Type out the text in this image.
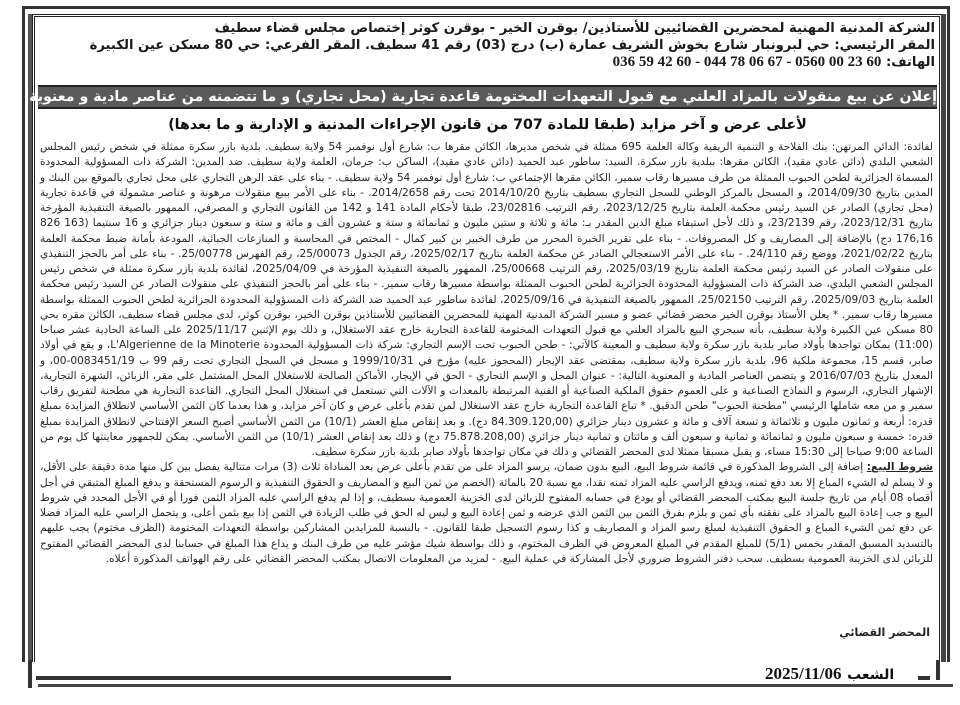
الشركة المدنية المهنية لمحضرين القضائيين للأستاذين/ بوقرن الخير - بوقرن كوثر إختصاص مجلس قضاء سطيف
المقر الرئيسي: حي لبرونبار شارع بخوش الشريف عمارة (ب) درج (03) رقم 41 سطيف. المقر الفرعي: حي 80 مسكن عين الكبيرة
الهاتف: 036 59 42 60 - 044 78 06 67 - 0560 00 23 60
إعلان عن بيع منقولات بالمزاد العلني مع قبول التعهدات المختومة قاعدة تجارية (محل تجاري) و ما تتضمنه من عناصر مادية و معنوية
لأعلى عرض و آخر مزايد (طبقا للمادة 707 من قانون الإجراءات المدنية و الإدارية و ما بعدها)

لفائدة: الدائن المرتهن: بنك الفلاحة و التنمية الريفية وكالة العلمة 695 ممثلة في شخص مديرها، الكائن مقرها ب: شارع أول نوفمبر 54 ولاية سطيف. بلدية بازر سكرة ممثلة في شخص رئيس المجلس الشعبي البلدي (دائن عادي مقيد)، الكائن مقرها: ببلدية بازر سكرة. السيد: ساطور عبد الحميد (دائن عادي مقيد)، الساكن ب: جرمان، العلمة ولاية سطيف. ضد المدين: الشركة ذات المسؤولية المحدودة المسماة الجزائرية لطحن الحبوب الممثلة من طرف مسيرها رقاب سمير، الكائن مقرها الإجتماعي ب: شارع أول نوفمبر 54 ولاية سطيف. - بناء على عقد الرهن التجاري على محل تجاري بالموقع بين البنك و المدين بتاريخ 2014/09/30، و المسجل بالمركز الوطني للسجل التجاري بسطيف بتاريخ 2014/10/20 تحت رقم 2014/2658. - بناء على الأمر ببيع منقولات مرهونة و عناصر مشمولة في قاعدة تجارية (محل تجاري) الصادر عن السيد رئيس محكمة العلمة بتاريخ 2023/12/25، رقم الترتيب 23/02816، طبقا لأحكام المادة 141 و 142 من القانون التجاري و المصرفي، الممهور بالصيغة التنفيذية المؤرخة بتاريخ 2023/12/31، رقم 23/2139، و ذلك لأجل استيفاء مبلغ الدين المقدر بـ: مائة و ثلاثة و ستين مليون و ثمانمائة و ستة و عشرون ألف و مائة و ستة و سبعون دينار جزائري و 16 سنتيما (163 826 176,16 دج) بالإضافة إلى المصاريف و كل المصروفات. - بناء على تقرير الخبرة المحرر من طرف الخبير بن كبير كمال - المختص في المحاسبة و المنازعات الجبائية، المودعة بأمانة ضبط محكمة العلمة بتاريخ 2021/02/22، ووضع رقم 24/110. - بناء على الأمر الاستعجالي الصادر عن محكمة العلمة بتاريخ 2025/02/17، رقم الجدول 25/00073، رقم الفهرس 25/00778. - بناء على أمر بالحجز التنفيذي على منقولات الصادر عن السيد رئيس محكمة العلمة بتاريخ 2025/03/19، رقم الترتيب 25/00668، الممهور بالصيغة التنفيذية المؤرخة في 2025/04/09، لفائدة بلدية بازر سكرة ممثلة في شخص رئيس المجلس الشعبي البلدي، ضد الشركة ذات المسؤولية المحدودة الجزائرية لطحن الحبوب الممثلة بواسطة مسيرها رقاب سمير. - بناء على أمر بالحجز التنفيذي على منقولات الصادر عن السيد رئيس محكمة العلمة بتاريخ 2025/09/03، رقم الترتيب 25/02150، الممهور بالصيغة التنفيذية في 2025/09/16، لفائدة ساطور عبد الحميد ضد الشركة ذات المسؤولية المحدودة الجزائرية لطحن الحبوب الممثلة بواسطة مسيرها رقاب سمير. * يعلن الأستاذ بوقرن الخير محضر قضائي عضو و مسير الشركة المدنية المهنية للمحضرين القضائيين للأستاذين بوقرن الخير، بوقرن كوثر، لدى مجلس قضاء سطيف، الكائن مقره بحي 80 مسكن عين الكبيرة ولاية سطيف، بأنه سيجري البيع بالمزاد العلني مع قبول التعهدات المختومة للقاعدة التجارية خارج عقد الاستغلال، و ذلك يوم الإثنين 2025/11/17 على الساعة الحادية عشر صباحا (11:00) بمكان تواجدها بأولاد صابر بلدية بازر سكرة ولاية سطيف و المعينة كالآتي: - طحن الحبوب تحت الإسم التجاري: شركة ذات المسؤولية المحدودة L'Algerienne de la Minoterie، و يقع في أولاد صابر، قسم 15، مجموعة ملكية 96، بلدية بازر سكرة ولاية سطيف، بمقتضى عقد الإيجار (المحجوز عليه) مؤرخ في 1999/10/31 و مسجل في السجل التجاري تحت رقم 99 ب 0083451/19-00، و المعدل بتاريخ 2016/07/03 و يتضمن العناصر المادية و المعنوية التالية: - عنوان المحل و الإسم التجاري - الحق في الإيجار، الأماكن الصالحة للاستغلال المحل المشتمل على مقر، الزبائن، الشهرة التجارية، الإشهار التجاري، الرسوم و النماذج الصناعية و على العموم حقوق الملكية الصناعية أو الفنية المرتبطة بالمعدات و الآلات التي تستعمل في استغلال المحل التجاري. القاعدة التجارية هي مطحنة لتفريق رقاب سمير و من معه شاملها الرئيسي "مطحنة الحبوب" طحن الدقيق. * تباع القاعدة التجارية خارج عقد الاستغلال لمن تقدم بأعلى عرض و كان آخر مزايد، و هذا بعدما كان الثمن الأساسي لانطلاق المزايدة بمبلغ قدره: أربعة و ثمانون مليون و ثلاثمائة و تسعة آلاف و مائة و عشرون دينار جزائري (84.309.120,00 دج). و بعد إنقاص مبلغ العشر (10/1) من الثمن الأساسي أصبح السعر الإفتتاحي لانطلاق المزايدة بمبلغ قدره: خمسة و سبعون مليون و ثمانمائة و ثمانية و سبعون ألف و مائتان و ثمانية دينار جزائري (75.878.208,00 دج) و ذلك بعد إنقاص العشر (10/1) من الثمن الأساسي. يمكن للجمهور معاينتها كل يوم من الساعة 9:00 صباحا إلى 15:30 مساء، و يقبل مسبقا ممثلا لدى المحضر القضائي و ذلك في مكان تواجدها بأولاد صابر بلدية بازر سكرة سطيف.

شروط البيع: إضافة إلى الشروط المذكورة في قائمة شروط البيع، البيع بدون ضمان، يرسو المزاد على من تقدم بأعلى عرض بعد المناداة ثلاث (3) مرات متتالية يفصل بين كل منها مدة دقيقة على الأقل، و لا يسلم له الشيء المباع إلا بعد دفع ثمنه، ويدفع الراسي عليه المزاد ثمنه نقدا، مع نسبة 20 بالمائة (الخصم من ثمن البيع و المصاريف و الحقوق التنفيذية و الرسوم المستحقة و يدفع المبلغ المتبقي في أجل أقصاه 08 أيام من تاريخ جلسة البيع بمكتب المحضر القضائي أو يودع في حسابه المفتوح للزبائن لدى الخزينة العمومية بسطيف، و إذا لم يدفع الراسي عليه المزاد الثمن فورا أو في الأجل المحدد في شروط البيع و جب إعادة البيع بالمزاد على نفقته بأي ثمن و يلزم بفرق الثمن بين الثمن الذي عرضه و ثمن إعادة البيع و ليس له الحق في طلب الزيادة في الثمن إذا بيع بثمن أعلى، و يتحمل الراسي عليه المزاد فضلا عن دفع ثمن الشيء المباع و الحقوق التنفيذية لمبلغ رسو المزاد و المصاريف و كذا رسوم التسجيل طبقا للقانون. - بالنسبة للمزايدين المشاركين بواسطة التعهدات المختومة (الظرف مختوم) يجب عليهم بالتسديد المسبق المقدر بخمس (5/1) للمبلغ المقدم في المبلغ المعروض في الظرف المختوم، و ذلك بواسطة شيك مؤشر عليه من طرف البنك و يداع هذا المبلغ في حسابنا لدى المحضر القضائي المفتوح للزبائن لدى الخزينة العمومية بسطيف. سحب دفتر الشروط ضروري لأجل المشاركة في عملية البيع. - لمزيد من المعلومات الاتصال بمكتب المحضر القضائي على رقم الهواتف المذكورة أعلاه.

المحضر القضائي
الشعب 2025/11/06
